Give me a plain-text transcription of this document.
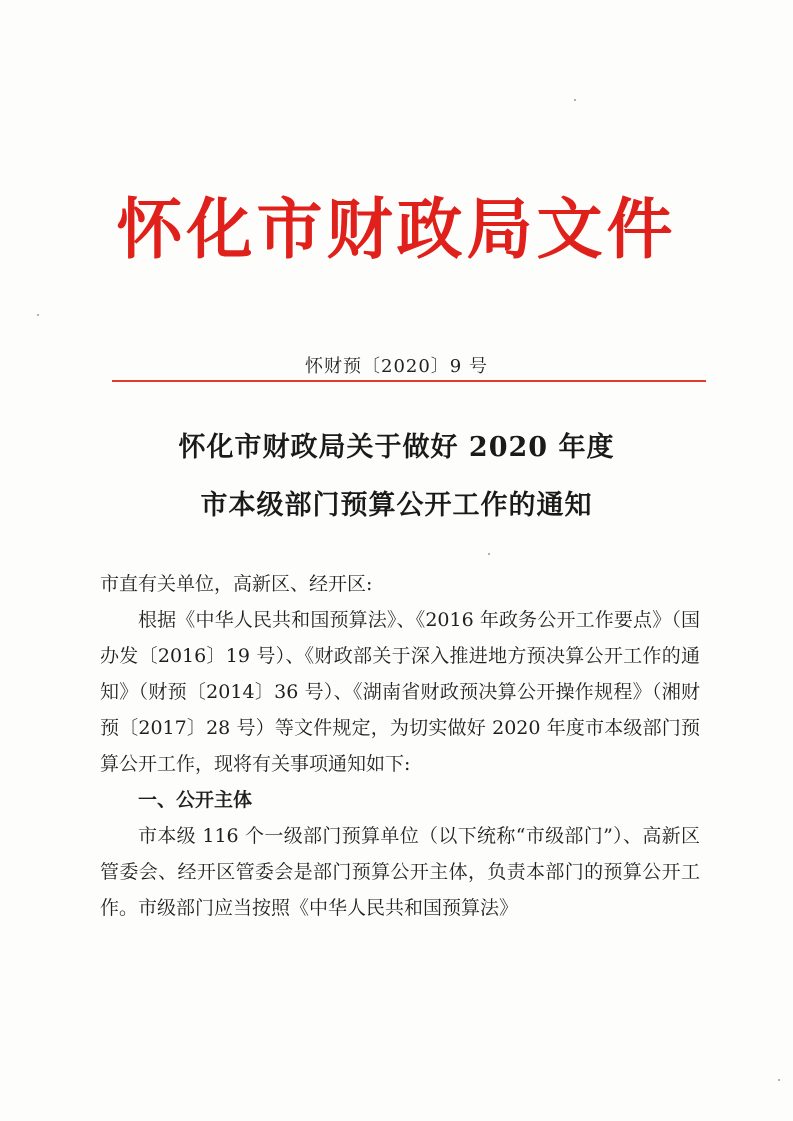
怀化市财政局文件
怀财预〔2020〕9 号
怀化市财政局关于做好 2020 年度
市本级部门预算公开工作的通知

市直有关单位，高新区、经开区:

根据《中华人民共和国预算法》、《2016 年政务公开工作要点》（国办发〔2016〕19 号）、《财政部关于深入推进地方预决算公开工作的通知》（财预〔2014〕36 号）、《湖南省财政预决算公开操作规程》（湘财预〔2017〕28 号）等文件规定，为切实做好 2020 年度市本级部门预算公开工作，现将有关事项通知如下:

一、公开主体

市本级 116 个一级部门预算单位（以下统称“市级部门”）、高新区管委会、经开区管委会是部门预算公开主体，负责本部门的预算公开工作。市级部门应当按照《中华人民共和国预算法》
